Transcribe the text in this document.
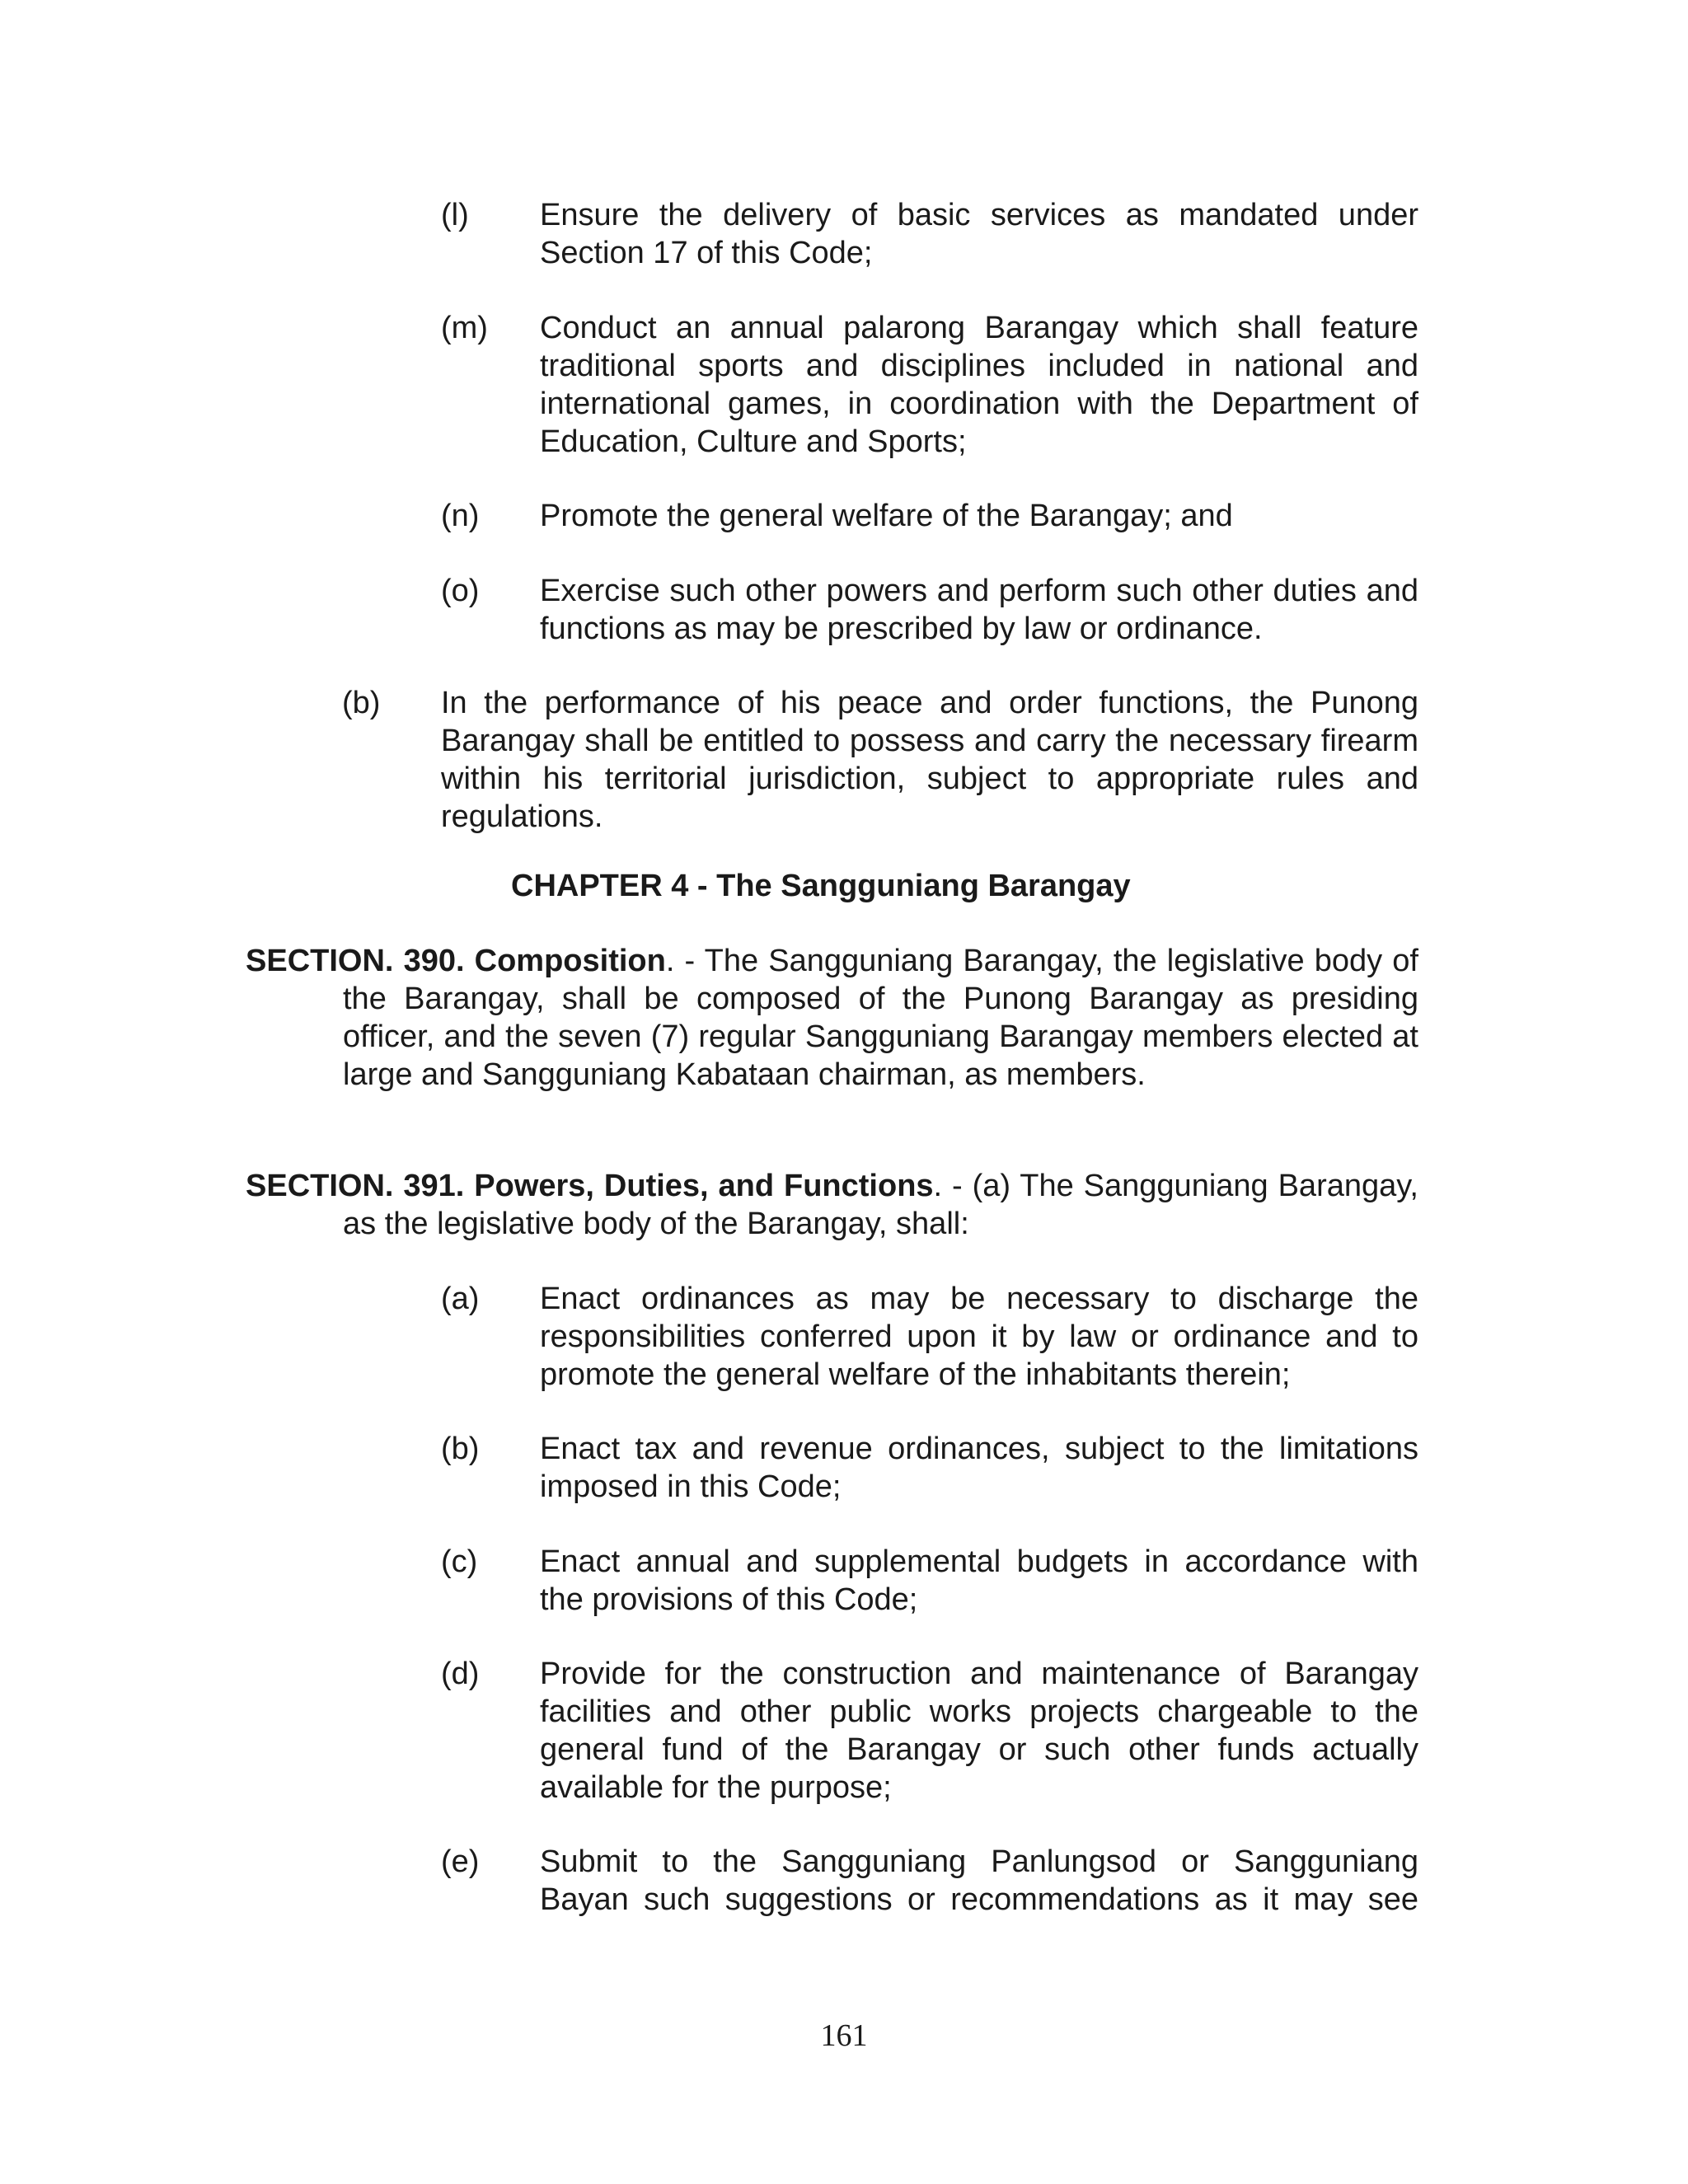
(l) Ensure the delivery of basic services as mandated under Section 17 of this Code;
(m) Conduct an annual palarong Barangay which shall feature traditional sports and disciplines included in national and international games, in coordination with the Department of Education, Culture and Sports;
(n) Promote the general welfare of the Barangay; and
(o) Exercise such other powers and perform such other duties and functions as may be prescribed by law or ordinance.
(b) In the performance of his peace and order functions, the Punong Barangay shall be entitled to possess and carry the necessary firearm within his territorial jurisdiction, subject to appropriate rules and regulations.
CHAPTER 4 - The Sangguniang Barangay
SECTION. 390. Composition. - The Sangguniang Barangay, the legislative body of the Barangay, shall be composed of the Punong Barangay as presiding officer, and the seven (7) regular Sangguniang Barangay members elected at large and Sangguniang Kabataan chairman, as members.
SECTION. 391. Powers, Duties, and Functions. - (a) The Sangguniang Barangay, as the legislative body of the Barangay, shall:
(a) Enact ordinances as may be necessary to discharge the responsibilities conferred upon it by law or ordinance and to promote the general welfare of the inhabitants therein;
(b) Enact tax and revenue ordinances, subject to the limitations imposed in this Code;
(c) Enact annual and supplemental budgets in accordance with the provisions of this Code;
(d) Provide for the construction and maintenance of Barangay facilities and other public works projects chargeable to the general fund of the Barangay or such other funds actually available for the purpose;
(e) Submit to the Sangguniang Panlungsod or Sangguniang Bayan such suggestions or recommendations as it may see
161
